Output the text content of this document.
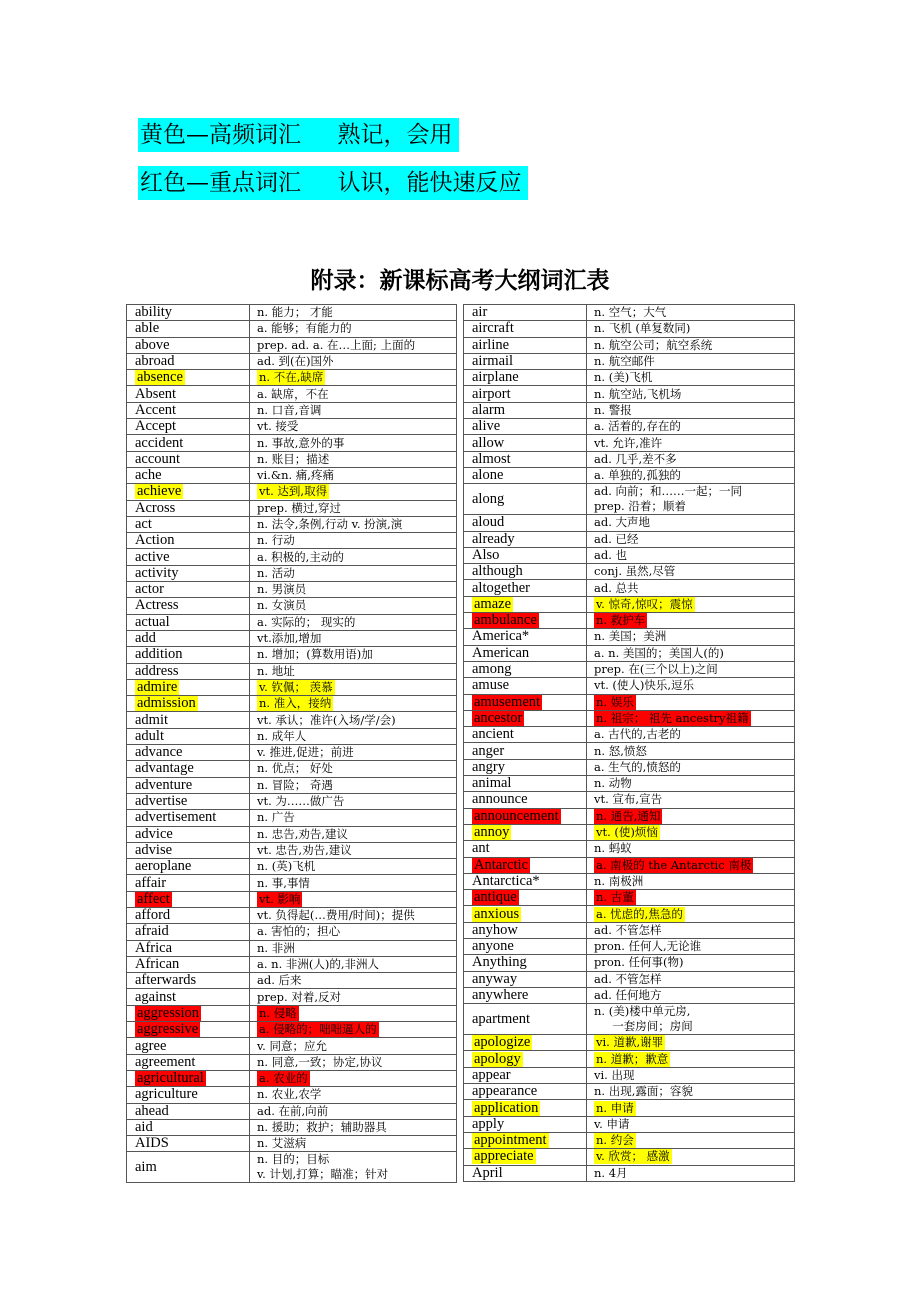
黄色—高频词汇     熟记，会用
红色—重点词汇     认识，能快速反应
附录：新课标高考大纲词汇表
ability	n. 能力； 才能
able	a. 能够；有能力的
above	prep. ad. a. 在…上面; 上面的
abroad	ad. 到(在)国外
absence	n. 不在,缺席
Absent	a. 缺席，不在
Accent	n. 口音,音调
Accept	vt. 接受
accident	n. 事故,意外的事
account	n. 账目；描述
ache	vi.&n. 痛,疼痛
achieve	vt. 达到,取得
Across	prep. 横过,穿过
act	n. 法令,条例,行动 v. 扮演,演
Action	n. 行动
active	a. 积极的,主动的
activity	n. 活动
actor	n. 男演员
Actress	n. 女演员
actual	a. 实际的； 现实的
add	vt.添加,增加
addition	n. 增加；(算数用语)加
address	n. 地址
admire	v. 钦佩； 羡慕
admission	n. 准入，接纳
admit	vt. 承认；准许(入场/学/会)
adult	n. 成年人
advance	v. 推进,促进；前进
advantage	n. 优点； 好处
adventure	n. 冒险； 奇遇
advertise	vt. 为……做广告
advertisement	n. 广告
advice	n. 忠告,劝告,建议
advise	vt. 忠告,劝告,建议
aeroplane	n. (英)飞机
affair	n. 事,事情
affect	vt. 影响
afford	vt. 负得起(…费用/时间)；提供
afraid	a. 害怕的；担心
Africa	n. 非洲
African	a. n. 非洲(人)的,非洲人
afterwards	ad. 后来
against	prep. 对着,反对
aggression	n. 侵略
aggressive	a. 侵略的；咄咄逼人的
agree	v. 同意；应允
agreement	n. 同意,一致；协定,协议
agricultural	a. 农业的
agriculture	n. 农业,农学
ahead	ad. 在前,向前
aid	n. 援助；救护；辅助器具
AIDS	n. 艾滋病
aim	n. 目的；目标
v. 计划,打算；瞄准；针对
air	n. 空气；大气
aircraft	n. 飞机 (单复数同)
airline	n. 航空公司；航空系统
airmail	n. 航空邮件
airplane	n. (美)飞机
airport	n. 航空站,飞机场
alarm	n. 警报
alive	a. 活着的,存在的
allow	vt. 允许,准许
almost	ad. 几乎,差不多
alone	a. 单独的,孤独的
along	ad. 向前；和……一起；一同
prep. 沿着；顺着
aloud	ad. 大声地
already	ad. 已经
Also	ad. 也
although	conj. 虽然,尽管
altogether	ad. 总共
amaze	v. 惊奇,惊叹；震惊
ambulance	n. 救护车
America*	n. 美国；美洲
American	a. n. 美国的；美国人(的)
among	prep. 在(三个以上)之间
amuse	vt. (使人)快乐,逗乐
amusement	n. 娱乐
ancestor	n. 祖宗； 祖先 ancestry祖籍
ancient	a. 古代的,古老的
anger	n. 怒,愤怒
angry	a. 生气的,愤怒的
animal	n. 动物
announce	vt. 宣布,宣告
announcement	n. 通告,通知
annoy	vt. (使)烦恼
ant	n. 蚂蚁
Antarctic	a. 南极的 the Antarctic 南极
Antarctica*	n. 南极洲
antique	n. 古董
anxious	a. 忧虑的,焦急的
anyhow	ad. 不管怎样
anyone	pron. 任何人,无论谁
Anything	pron. 任何事(物)
anyway	ad. 不管怎样
anywhere	ad. 任何地方
apartment	n. (美)楼中单元房,
一套房间；房间
apologize	vi. 道歉,谢罪
apology	n. 道歉；歉意
appear	vi. 出现
appearance	n. 出现,露面；容貌
application	n. 申请
apply	v. 申请
appointment	n. 约会
appreciate	v. 欣赏； 感激
April	n. 4月
